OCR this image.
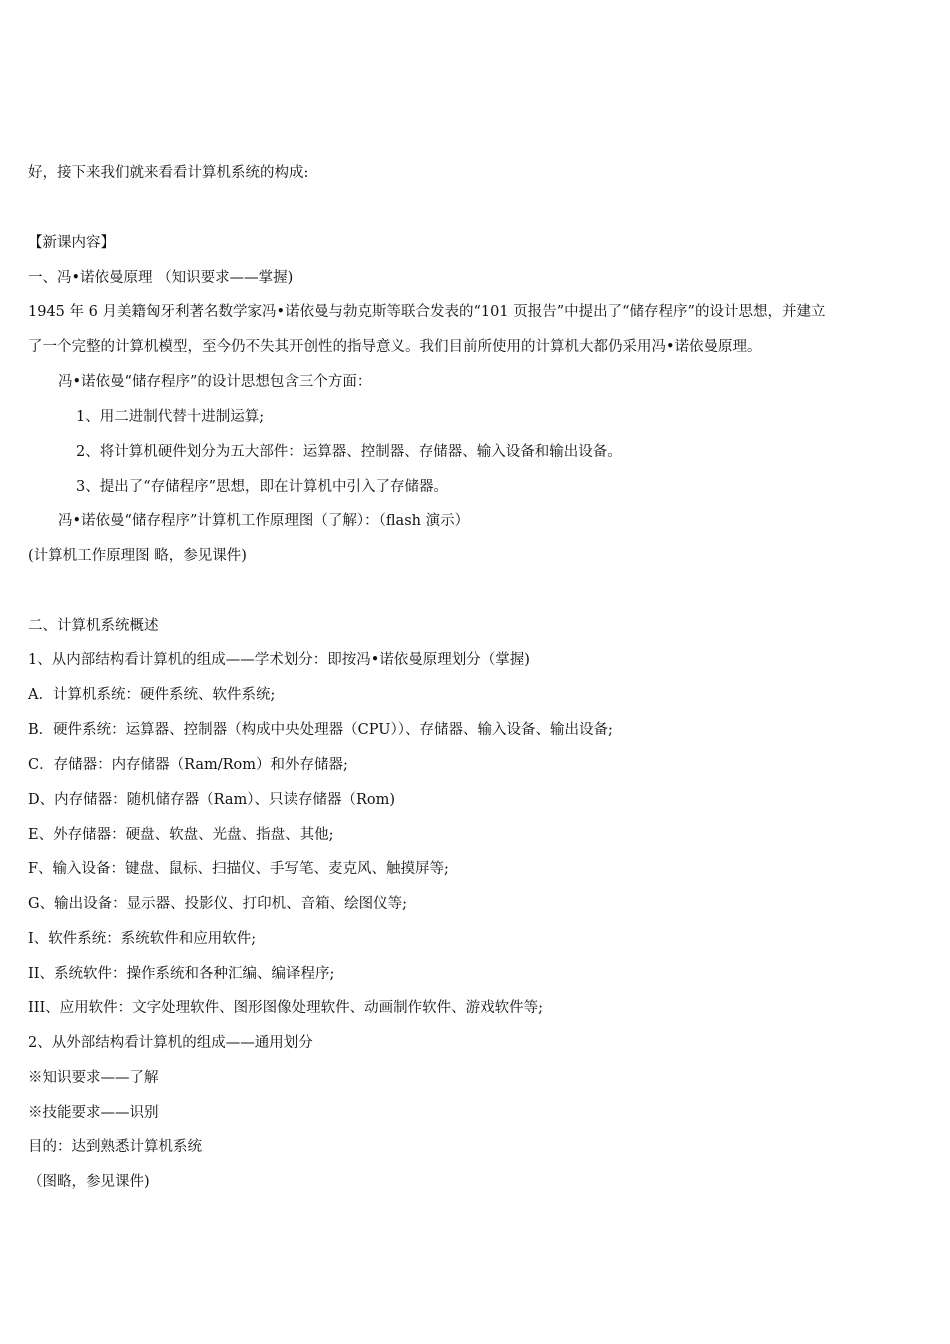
好，接下来我们就来看看计算机系统的构成:
【新课内容】
一、冯•诺依曼原理 （知识要求——掌握)
1945 年 6 月美籍匈牙利著名数学家冯•诺依曼与勃克斯等联合发表的“101 页报告”中提出了“储存程序”的设计思想，并建立
了一个完整的计算机模型，至今仍不失其开创性的指导意义。我们目前所使用的计算机大都仍采用冯•诺依曼原理。
冯•诺依曼“储存程序”的设计思想包含三个方面：
1、用二进制代替十进制运算;
2、将计算机硬件划分为五大部件：运算器、控制器、存储器、输入设备和输出设备。
3、提出了“存储程序”思想，即在计算机中引入了存储器。
冯•诺依曼“储存程序”计算机工作原理图（了解）：（flash 演示）
(计算机工作原理图 略，参见课件)
二、计算机系统概述
1、从内部结构看计算机的组成——学术划分：即按冯•诺依曼原理划分（掌握)
A．计算机系统：硬件系统、软件系统;
B．硬件系统：运算器、控制器（构成中央处理器（CPU））、存储器、输入设备、输出设备;
C．存储器：内存储器（Ram/Rom）和外存储器;
D、内存储器：随机储存器（Ram）、只读存储器（Rom)
E、外存储器：硬盘、软盘、光盘、指盘、其他;
F、输入设备：键盘、鼠标、扫描仪、手写笔、麦克风、触摸屏等;
G、输出设备：显示器、投影仪、打印机、音箱、绘图仪等;
I、软件系统：系统软件和应用软件;
II、系统软件：操作系统和各种汇编、编译程序;
III、应用软件：文字处理软件、图形图像处理软件、动画制作软件、游戏软件等;
2、从外部结构看计算机的组成——通用划分
※知识要求——了解
※技能要求——识别
目的：达到熟悉计算机系统
（图略，参见课件)
